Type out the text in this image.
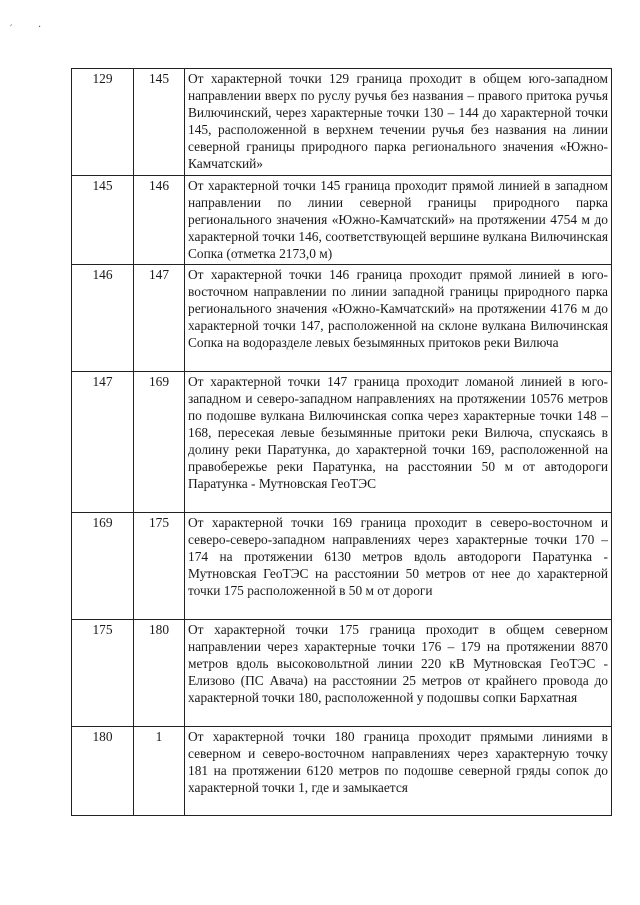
′	·
129	145	От характерной точки 129 граница проходит в общем юго-западном направлении вверх по руслу ручья без названия – правого притока ручья Вилючинский, через характерные точки 130 – 144 до характерной точки 145, расположенной в верхнем течении ручья без названия на линии северной границы природного парка регионального значения «Южно-Камчатский»
145	146	От характерной точки 145 граница проходит прямой линией в западном направлении по линии северной границы природного парка регионального значения «Южно-Камчатский» на протяжении 4754 м до характерной точки 146, соответствующей вершине вулкана Вилючинская Сопка (отметка 2173,0 м)
146	147	От характерной точки 146 граница проходит прямой линией в юго-восточном направлении по линии западной границы природного парка регионального значения «Южно-Камчатский» на протяжении 4176 м до характерной точки 147, расположенной на склоне вулкана Вилючинская Сопка на водоразделе левых безымянных притоков реки Вилюча
147	169	От характерной точки 147 граница проходит ломаной линией в юго-западном и северо-западном направлениях на протяжении 10576 метров по подошве вулкана Вилючинская сопка через характерные точки 148 – 168, пересекая левые безымянные притоки реки Вилюча, спускаясь в долину реки Паратунка, до характерной точки 169, расположенной на правобережье реки Паратунка, на расстоянии 50 м от автодороги Паратунка - Мутновская ГеоТЭС
169	175	От характерной точки 169 граница проходит в северо-восточном и северо-северо-западном направлениях через характерные точки 170 – 174 на протяжении 6130 метров вдоль автодороги Паратунка - Мутновская ГеоТЭС на расстоянии 50 метров от нее до характерной точки 175 расположенной в 50 м от дороги
175	180	От характерной точки 175 граница проходит в общем северном направлении через характерные точки 176 – 179 на протяжении 8870 метров вдоль высоковольтной линии 220 кВ Мутновская ГеоТЭС - Елизово (ПС Авача) на расстоянии 25 метров от крайнего провода до характерной точки 180, расположенной у подошвы сопки Бархатная
180	1	От характерной точки 180 граница проходит прямыми линиями в северном и северо-восточном направлениях через характерную точку 181 на протяжении 6120 метров по подошве северной гряды сопок до характерной точки 1, где и замыкается
